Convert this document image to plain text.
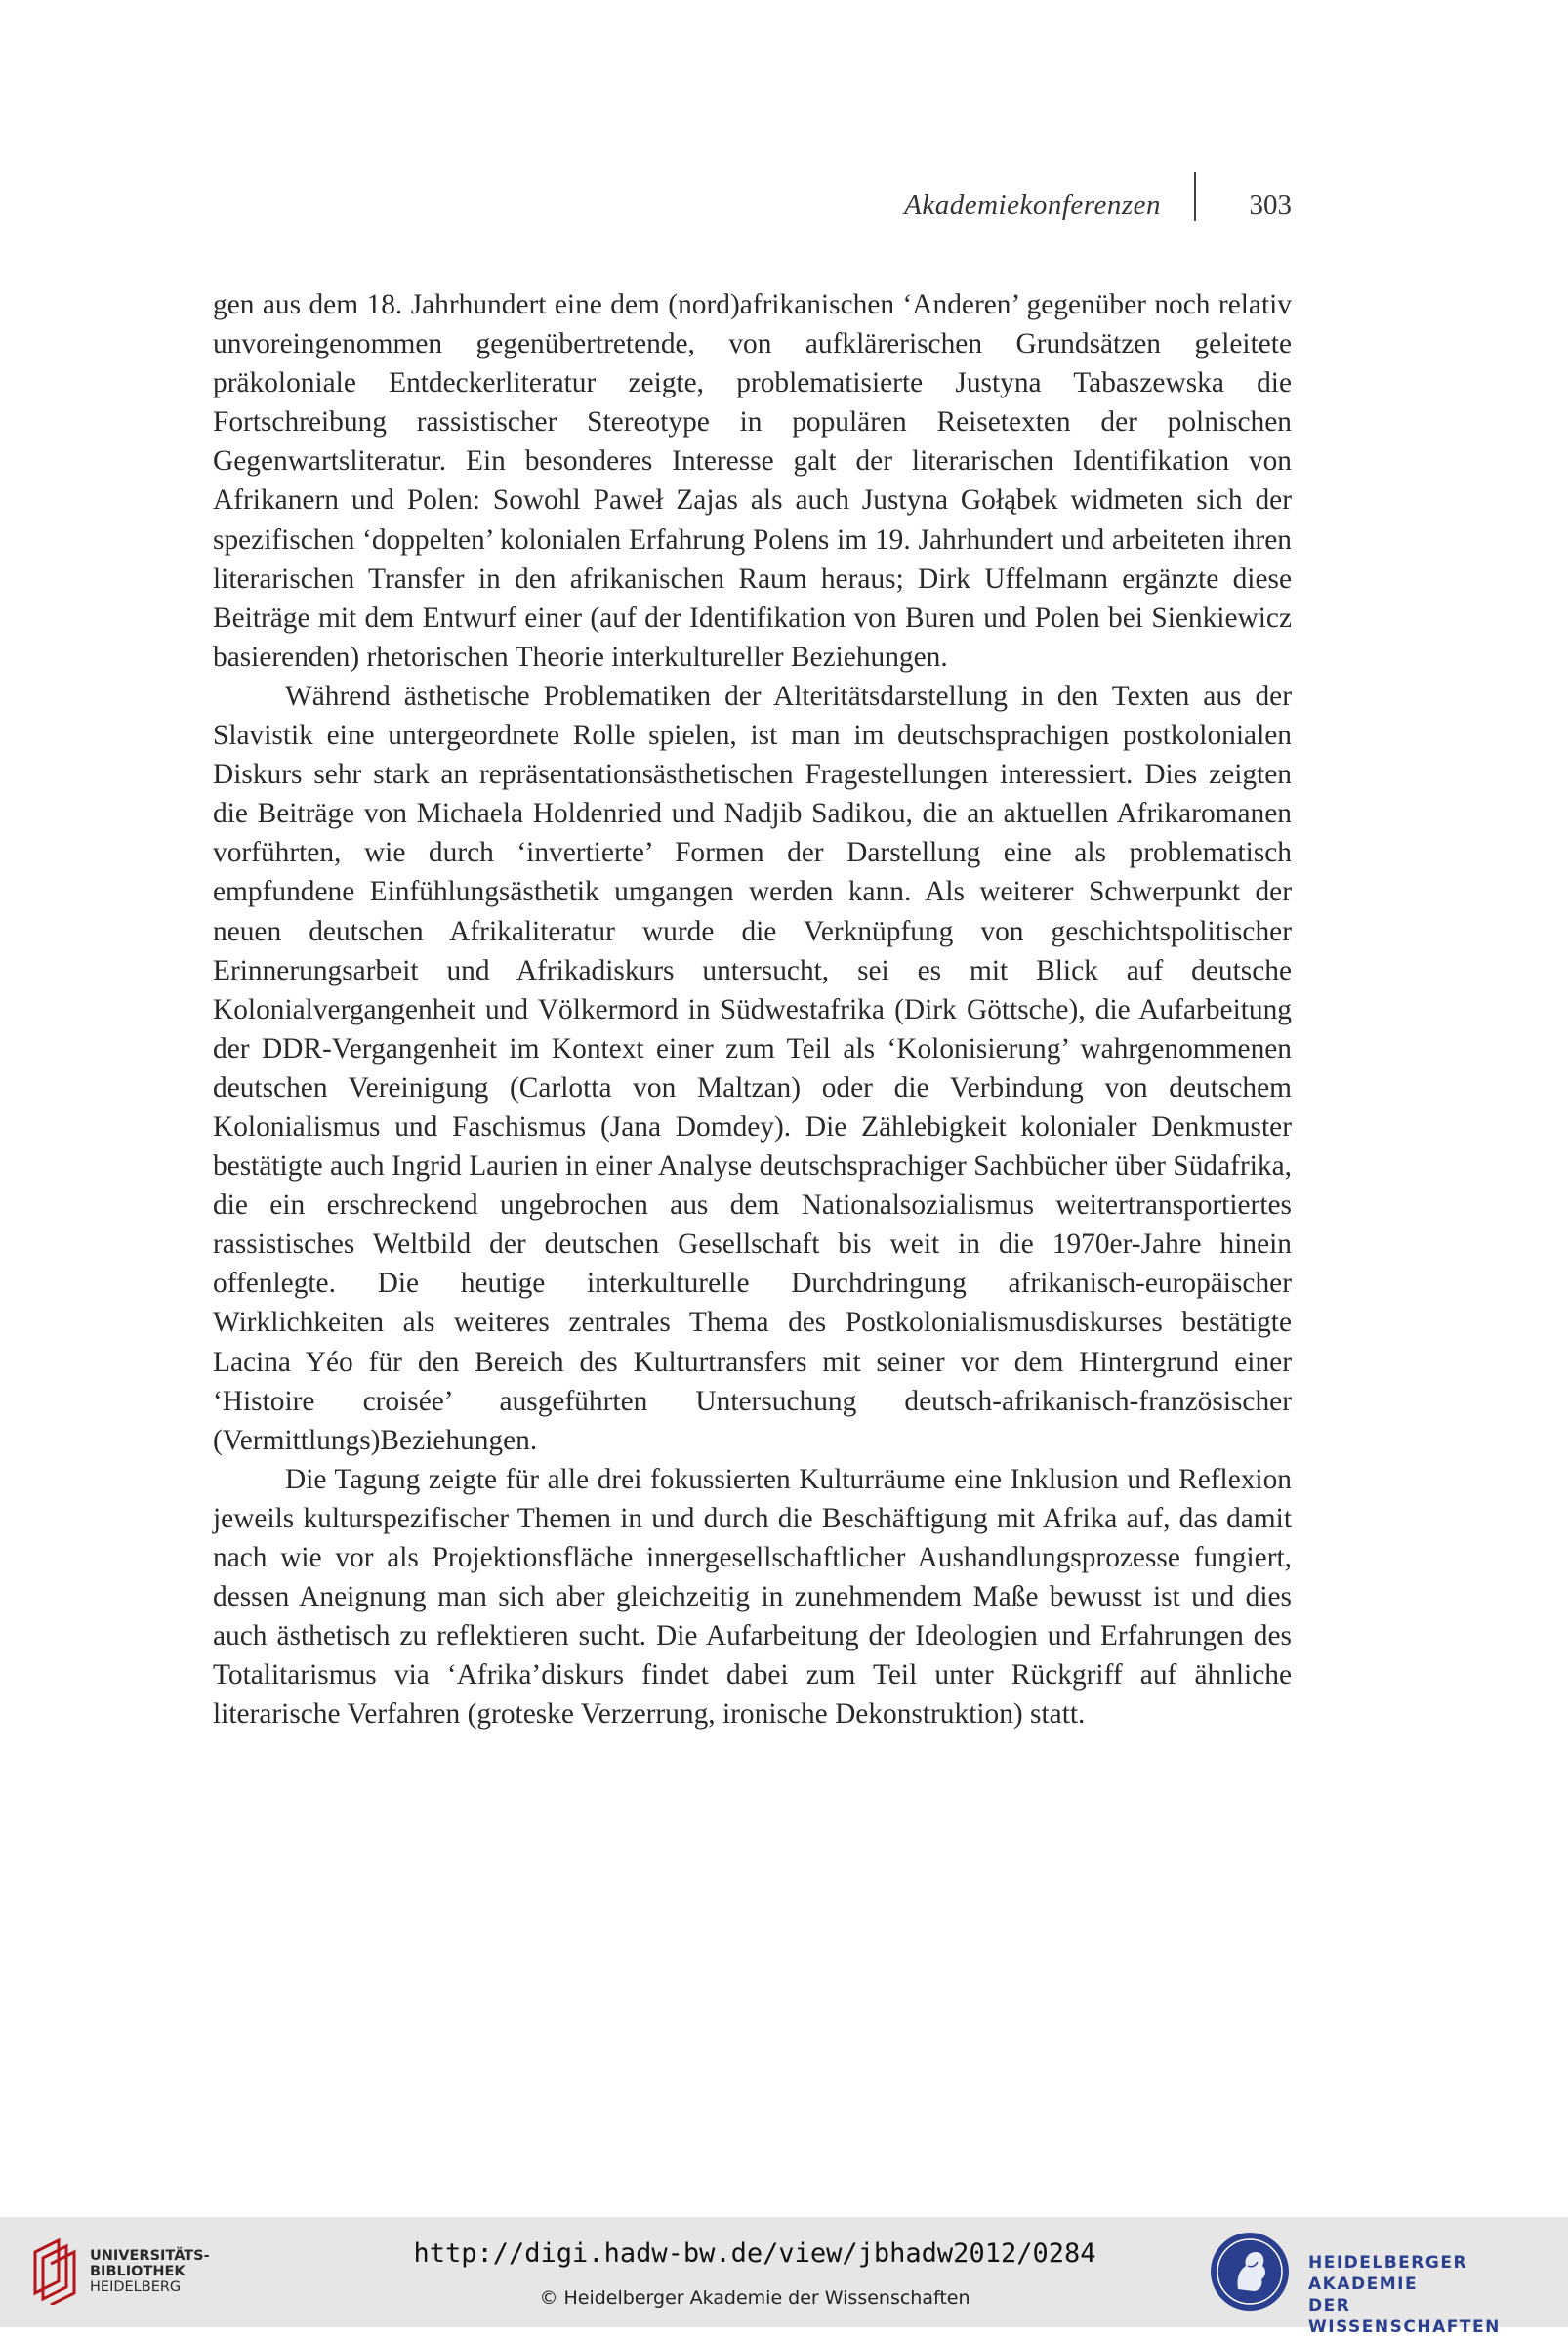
Akademiekonferenzen	303

gen aus dem 18. Jahrhundert eine dem (nord)afrikanischen ‘Anderen’ gegenüber noch relativ unvoreingenommen gegenübertretende, von aufklärerischen Grundsätzen geleitete präkoloniale Entdeckerliteratur zeigte, problematisierte Justyna Tabaszewska die Fortschreibung rassistischer Stereotype in populären Reisetexten der polnischen Gegenwartsliteratur. Ein besonderes Interesse galt der literarischen Identifikation von Afrikanern und Polen: Sowohl Paweł Zajas als auch Justyna Gołąbek widmeten sich der spezifischen ‘doppelten’ kolonialen Erfahrung Polens im 19. Jahrhundert und arbeiteten ihren literarischen Transfer in den afrikanischen Raum heraus; Dirk Uffelmann ergänzte diese Beiträge mit dem Entwurf einer (auf der Identifikation von Buren und Polen bei Sienkiewicz basierenden) rhetorischen Theorie interkultureller Beziehungen.

Während ästhetische Problematiken der Alteritätsdarstellung in den Texten aus der Slavistik eine untergeordnete Rolle spielen, ist man im deutschsprachigen postkolonialen Diskurs sehr stark an repräsentationsästhetischen Fragestellungen interessiert. Dies zeigten die Beiträge von Michaela Holdenried und Nadjib Sadikou, die an aktuellen Afrikaromanen vorführten, wie durch ‘invertierte’ Formen der Darstellung eine als problematisch empfundene Einfühlungsästhetik umgangen werden kann. Als weiterer Schwerpunkt der neuen deutschen Afrikaliteratur wurde die Verknüpfung von geschichtspolitischer Erinnerungsarbeit und Afrikadiskurs untersucht, sei es mit Blick auf deutsche Kolonialvergangenheit und Völkermord in Südwestafrika (Dirk Göttsche), die Aufarbeitung der DDR-Vergangenheit im Kontext einer zum Teil als ‘Kolonisierung’ wahrgenommenen deutschen Vereinigung (Carlotta von Maltzan) oder die Verbindung von deutschem Kolonialismus und Faschismus (Jana Domdey). Die Zählebigkeit kolonialer Denkmuster bestätigte auch Ingrid Laurien in einer Analyse deutschsprachiger Sachbücher über Südafrika, die ein erschreckend ungebrochen aus dem Nationalsozialismus weitertransportiertes rassistisches Weltbild der deutschen Gesellschaft bis weit in die 1970er-Jahre hinein offenlegte. Die heutige interkulturelle Durchdringung afrikanisch-europäischer Wirklichkeiten als weiteres zentrales Thema des Postkolonialismusdiskurses bestätigte Lacina Yéo für den Bereich des Kulturtransfers mit seiner vor dem Hintergrund einer ‘Histoire croisée’ ausgeführten Untersuchung deutsch-afrikanisch-französischer (Vermittlungs)Beziehungen.

Die Tagung zeigte für alle drei fokussierten Kulturräume eine Inklusion und Reflexion jeweils kulturspezifischer Themen in und durch die Beschäftigung mit Afrika auf, das damit nach wie vor als Projektionsfläche innergesellschaftlicher Aushandlungsprozesse fungiert, dessen Aneignung man sich aber gleichzeitig in zunehmendem Maße bewusst ist und dies auch ästhetisch zu reflektieren sucht. Die Aufarbeitung der Ideologien und Erfahrungen des Totalitarismus via ‘Afrika’diskurs findet dabei zum Teil unter Rückgriff auf ähnliche literarische Verfahren (groteske Verzerrung, ironische Dekonstruktion) statt.

UNIVERSITÄTS-
BIBLIOTHEK
HEIDELBERG
http://digi.hadw-bw.de/view/jbhadw2012/0284
© Heidelberger Akademie der Wissenschaften
HEIDELBERGER AKADEMIE
DER WISSENSCHAFTEN
